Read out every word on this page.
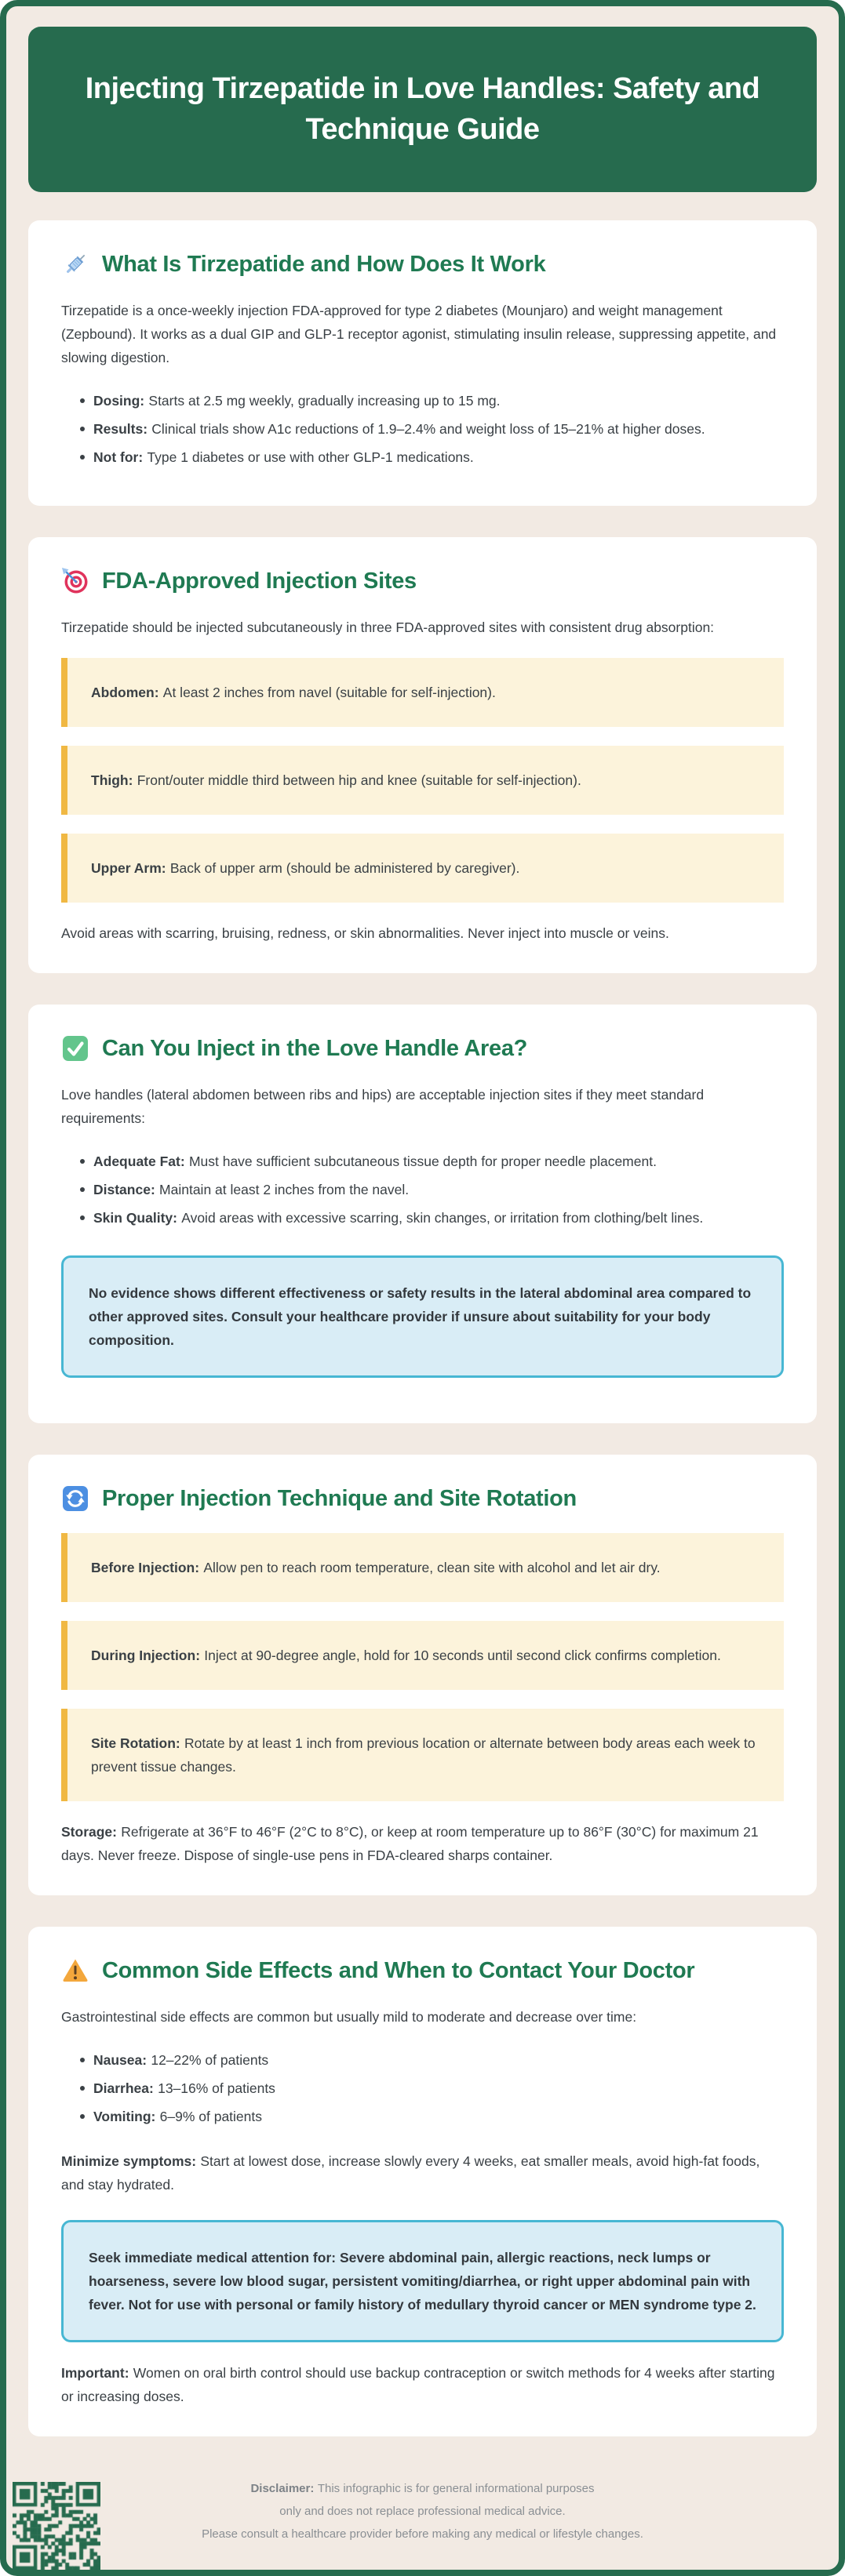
Injecting Tirzepatide in Love Handles: Safety and Technique Guide
What Is Tirzepatide and How Does It Work

Tirzepatide is a once-weekly injection FDA-approved for type 2 diabetes (Mounjaro) and weight management (Zepbound). It works as a dual GIP and GLP-1 receptor agonist, stimulating insulin release, suppressing appetite, and slowing digestion.

Dosing: Starts at 2.5 mg weekly, gradually increasing up to 15 mg.
Results: Clinical trials show A1c reductions of 1.9–2.4% and weight loss of 15–21% at higher doses.
Not for: Type 1 diabetes or use with other GLP-1 medications.
FDA-Approved Injection Sites

Tirzepatide should be injected subcutaneously in three FDA-approved sites with consistent drug absorption:

Abdomen: At least 2 inches from navel (suitable for self-injection).
Thigh: Front/outer middle third between hip and knee (suitable for self-injection).
Upper Arm: Back of upper arm (should be administered by caregiver).

Avoid areas with scarring, bruising, redness, or skin abnormalities. Never inject into muscle or veins.

Can You Inject in the Love Handle Area?

Love handles (lateral abdomen between ribs and hips) are acceptable injection sites if they meet standard requirements:

Adequate Fat: Must have sufficient subcutaneous tissue depth for proper needle placement.
Distance: Maintain at least 2 inches from the navel.
Skin Quality: Avoid areas with excessive scarring, skin changes, or irritation from clothing/belt lines.
No evidence shows different effectiveness or safety results in the lateral abdominal area compared to other approved sites. Consult your healthcare provider if unsure about suitability for your body composition.
Proper Injection Technique and Site Rotation
Before Injection: Allow pen to reach room temperature, clean site with alcohol and let air dry.
During Injection: Inject at 90-degree angle, hold for 10 seconds until second click confirms completion.
Site Rotation: Rotate by at least 1 inch from previous location or alternate between body areas each week to prevent tissue changes.

Storage: Refrigerate at 36°F to 46°F (2°C to 8°C), or keep at room temperature up to 86°F (30°C) for maximum 21 days. Never freeze. Dispose of single-use pens in FDA-cleared sharps container.

Common Side Effects and When to Contact Your Doctor

Gastrointestinal side effects are common but usually mild to moderate and decrease over time:

Nausea: 12–22% of patients
Diarrhea: 13–16% of patients
Vomiting: 6–9% of patients

Minimize symptoms: Start at lowest dose, increase slowly every 4 weeks, eat smaller meals, avoid high-fat foods, and stay hydrated.

Seek immediate medical attention for: Severe abdominal pain, allergic reactions, neck lumps or hoarseness, severe low blood sugar, persistent vomiting/diarrhea, or right upper abdominal pain with fever. Not for use with personal or family history of medullary thyroid cancer or MEN syndrome type 2.

Important: Women on oral birth control should use backup contraception or switch methods for 4 weeks after starting or increasing doses.

Disclaimer: This infographic is for general informational purposes
only and does not replace professional medical advice.
Please consult a healthcare provider before making any medical or lifestyle changes.
